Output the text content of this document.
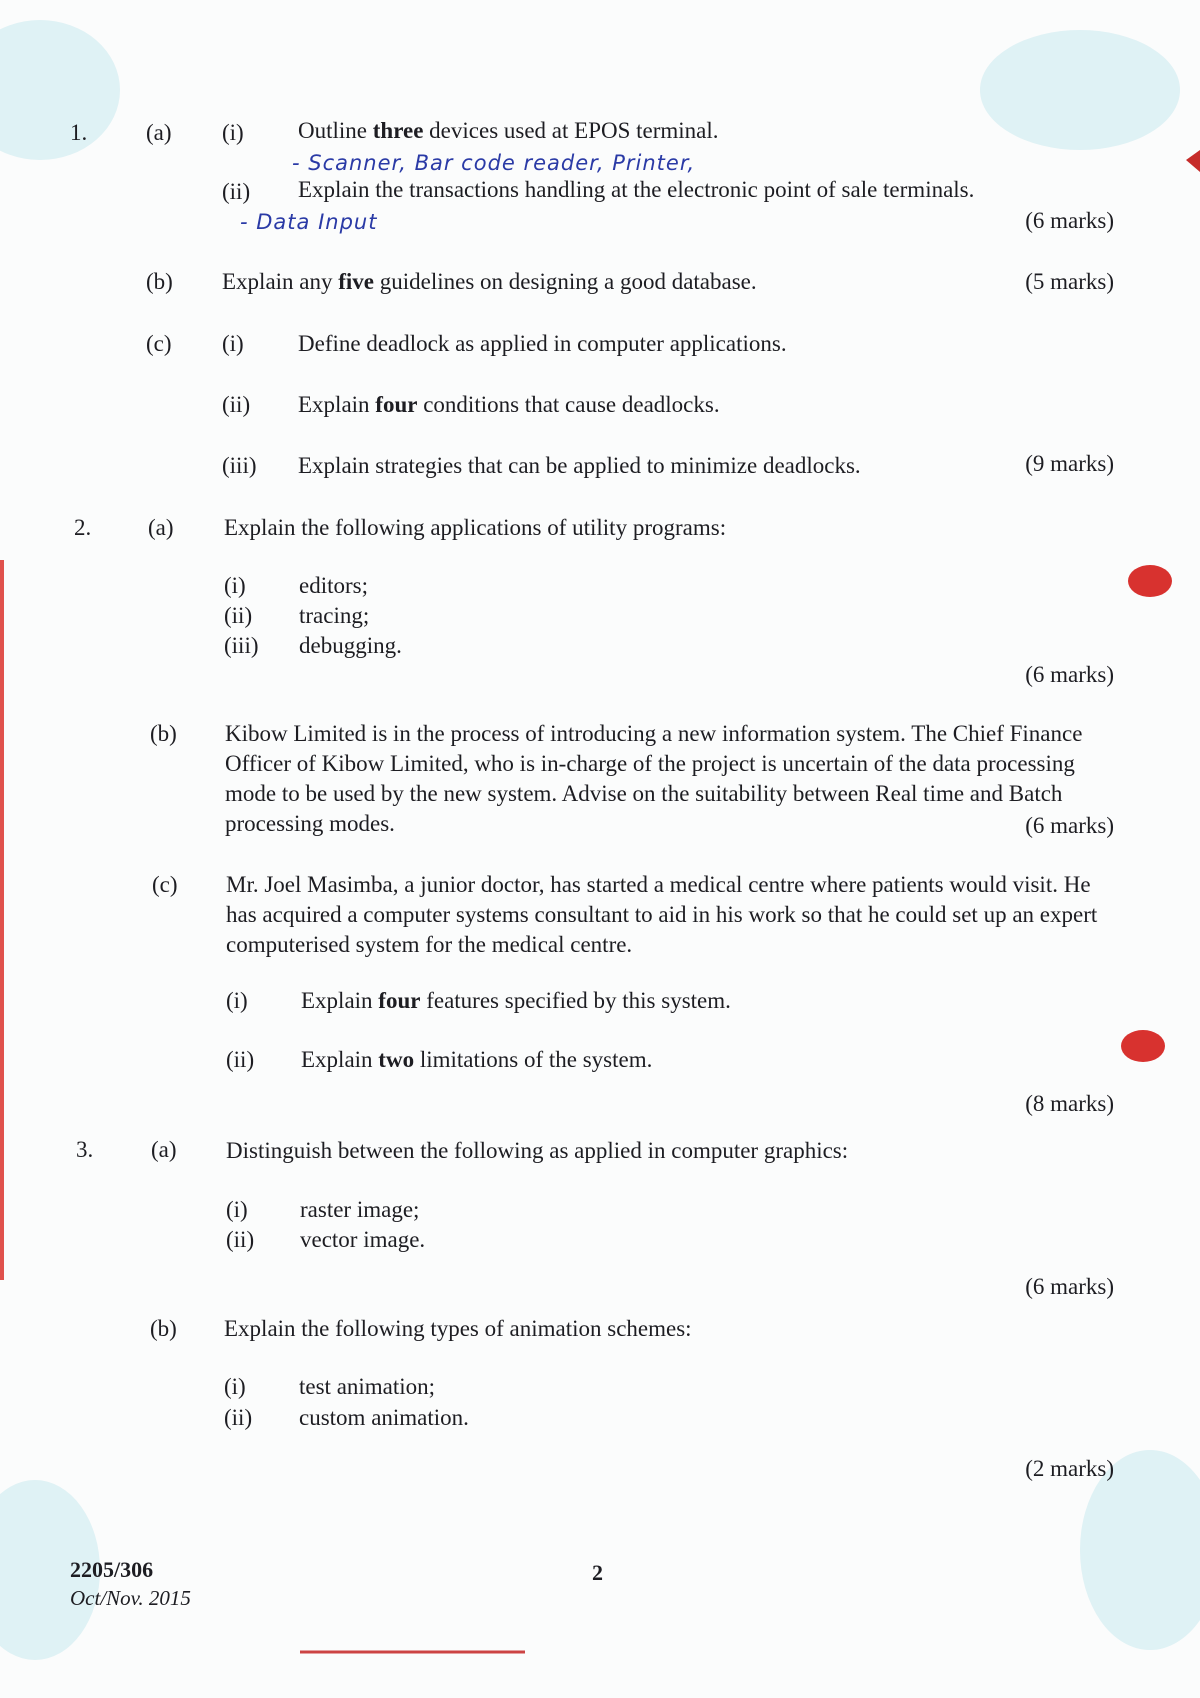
1.	(a) (i) Outline three devices used at EPOS terminal.
- Scanner, Bar code reader, Printer,
(ii) Explain the transactions handling at the electronic point of sale terminals.
- Data Input	(6 marks)
(b) Explain any five guidelines on designing a good database.	(5 marks)
(c) (i) Define deadlock as applied in computer applications.
(ii) Explain four conditions that cause deadlocks.
(iii) Explain strategies that can be applied to minimize deadlocks.	(9 marks)
2. (a) Explain the following applications of utility programs:
(i) editors;
(ii) tracing;
(iii) debugging.
(6 marks)
(b) Kibow Limited is in the process of introducing a new information system. The Chief Finance Officer of Kibow Limited, who is in-charge of the project is uncertain of the data processing mode to be used by the new system. Advise on the suitability between Real time and Batch processing modes.	(6 marks)
(c) Mr. Joel Masimba, a junior doctor, has started a medical centre where patients would visit. He has acquired a computer systems consultant to aid in his work so that he could set up an expert computerised system for the medical centre.
(i) Explain four features specified by this system.
(ii) Explain two limitations of the system.
(8 marks)
3.	(a) Distinguish between the following as applied in computer graphics:
(i) raster image;
(ii) vector image.
(6 marks)
(b) Explain the following types of animation schemes:
(i) test animation;
(ii) custom animation.
(2 marks)
2205/306
Oct/Nov. 2015
2
